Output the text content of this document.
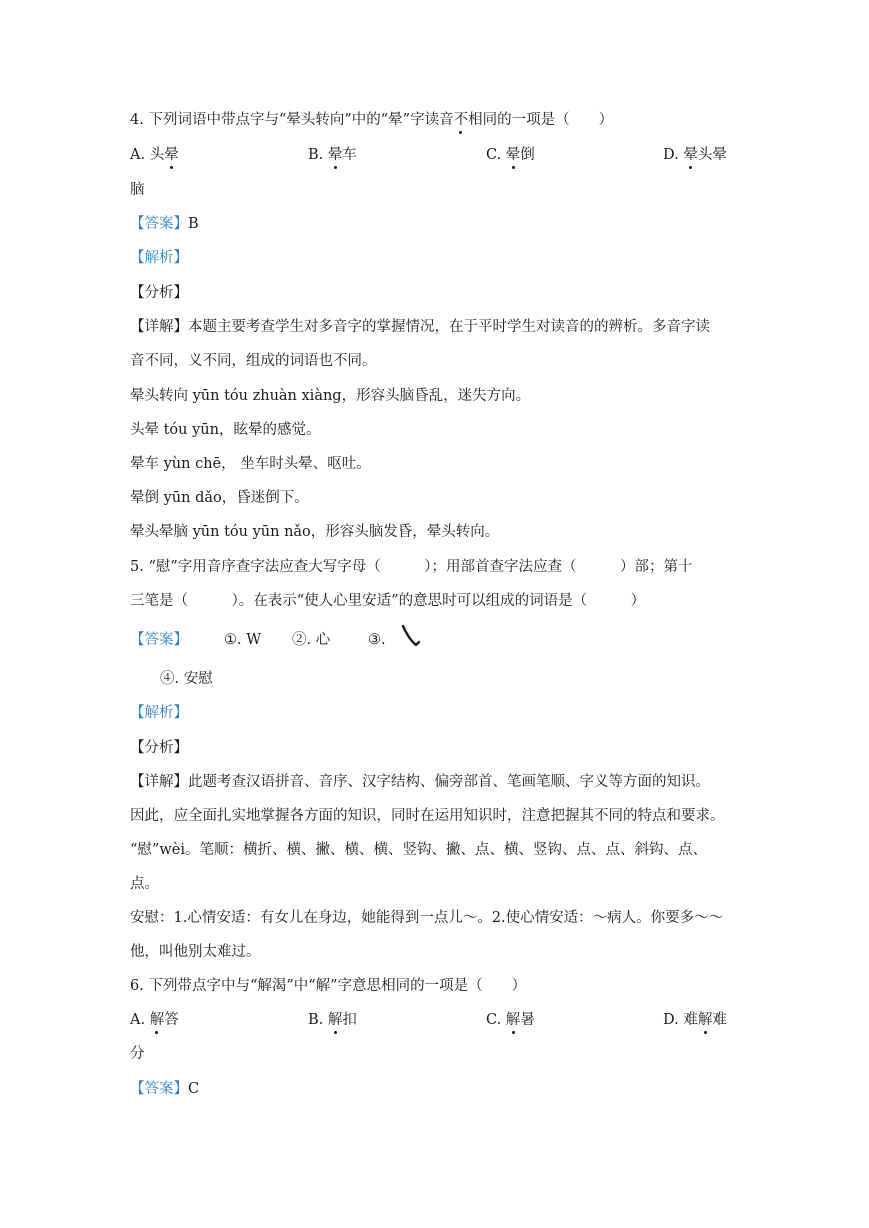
4. 下列词语中带点字与“晕头转向”中的“晕”字读音不相同的一项是（　　）
A. 头晕	B. 晕车	C. 晕倒	D. 晕头晕
脑
【答案】B
【解析】
【分析】
【详解】本题主要考查学生对多音字的掌握情况，在于平时学生对读音的的辨析。多音字读
音不同，义不同，组成的词语也不同。
晕头转向 yūn tóu zhuàn xiàng，形容头脑昏乱，迷失方向。
头晕 tóu yūn，眩晕的感觉。
晕车 yùn chē， 坐车时头晕、呕吐。
晕倒 yūn dǎo，昏迷倒下。
晕头晕脑 yūn tóu yūn nǎo，形容头脑发昏，晕头转向。
5. “慰”字用音序查字法应查大写字母（　　　）；用部首查字法应查（　　　）部；第十
三笔是（　　　）。在表示“使人心里安适”的意思时可以组成的词语是（　　　）
【答案】 ①. W ②. 心	③.
④. 安慰
【解析】
【分析】
【详解】此题考查汉语拼音、音序、汉字结构、偏旁部首、笔画笔顺、字义等方面的知识。
因此，应全面扎实地掌握各方面的知识，同时在运用知识时，注意把握其不同的特点和要求。
“慰”wèi。笔顺：横折、横、撇、横、横、竖钩、撇、点、横、竖钩、点、点、斜钩、点、
点。
安慰：1.心情安适：有女儿在身边，她能得到一点儿～。2.使心情安适：～病人。你要多～～
他，叫他别太难过。
6. 下列带点字中与“解渴”中“解”字意思相同的一项是（　　）
A. 解答	B. 解扣	C. 解暑	D. 难解难
分
【答案】C
